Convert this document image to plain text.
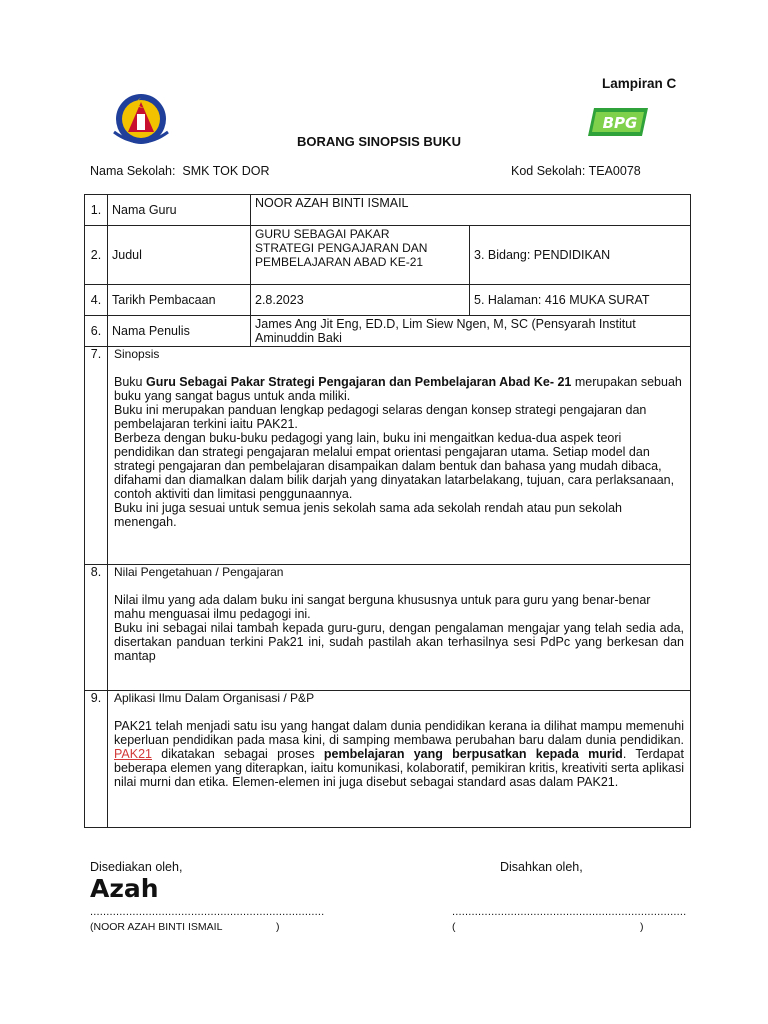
Lampiran C
BORANG SINOPSIS BUKU
BPG
Nama Sekolah: SMK TOK DOR	Kod Sekolah: TEA0078
1.	Nama Guru	NOOR AZAH BINTI ISMAIL	
2.	Judul	GURU SEBAGAI PAKAR
STRATEGI PENGAJARAN DAN
PEMBELAJARAN ABAD KE-21	3. Bidang: PENDIDIKAN
4.	Tarikh Pembacaan	2.8.2023	5. Halaman: 416 MUKA SURAT
6.	Nama Penulis	James Ang Jit Eng, ED.D, Lim Siew Ngen, M, SC (Pensyarah Institut
Aminuddin Baki	

7.	Sinopsis

Buku Guru Sebagai Pakar Strategi Pengajaran dan Pembelajaran Abad Ke- 21 merupakan sebuah buku yang sangat bagus untuk anda miliki.

Buku ini merupakan panduan lengkap pedagogi selaras dengan konsep strategi pengajaran dan pembelajaran terkini iaitu PAK21.

Berbeza dengan buku-buku pedagogi yang lain, buku ini mengaitkan kedua-dua aspek teori pendidikan dan strategi pengajaran melalui empat orientasi pengajaran utama. Setiap model dan strategi pengajaran dan pembelajaran disampaikan dalam bentuk dan bahasa yang mudah dibaca, difahami dan diamalkan dalam bilik darjah yang dinyatakan latarbelakang, tujuan, cara perlaksanaan, contoh aktiviti dan limitasi penggunaannya.

Buku ini juga sesuai untuk semua jenis sekolah sama ada sekolah rendah atau pun sekolah menengah.		

8.	Nilai Pengetahuan / Pengajaran

Nilai ilmu yang ada dalam buku ini sangat berguna khususnya untuk para guru yang benar-benar mahu menguasai ilmu pedagogi ini.

Buku ini sebagai nilai tambah kepada guru-guru, dengan pengalaman mengajar yang telah sedia ada, disertakan panduan terkini Pak21 ini, sudah pastilah akan terhasilnya sesi PdPc yang berkesan dan mantap		

9.	Aplikasi Ilmu Dalam Organisasi / P&P

PAK21 telah menjadi satu isu yang hangat dalam dunia pendidikan kerana ia dilihat mampu memenuhi keperluan pendidikan pada masa kini, di samping membawa perubahan baru dalam dunia pendidikan. PAK21 dikatakan sebagai proses pembelajaran yang berpusatkan kepada murid. Terdapat beberapa elemen yang diterapkan, iaitu komunikasi, kolaboratif, pemikiran kritis, kreativiti serta aplikasi nilai murni dan etika. Elemen-elemen ini juga disebut sebagai standard asas dalam PAK21.		

Disediakan oleh,	Disahkan oleh,
Azah
........................................................................	........................................................................
(NOOR AZAH BINTI ISMAIL	)	(	)
